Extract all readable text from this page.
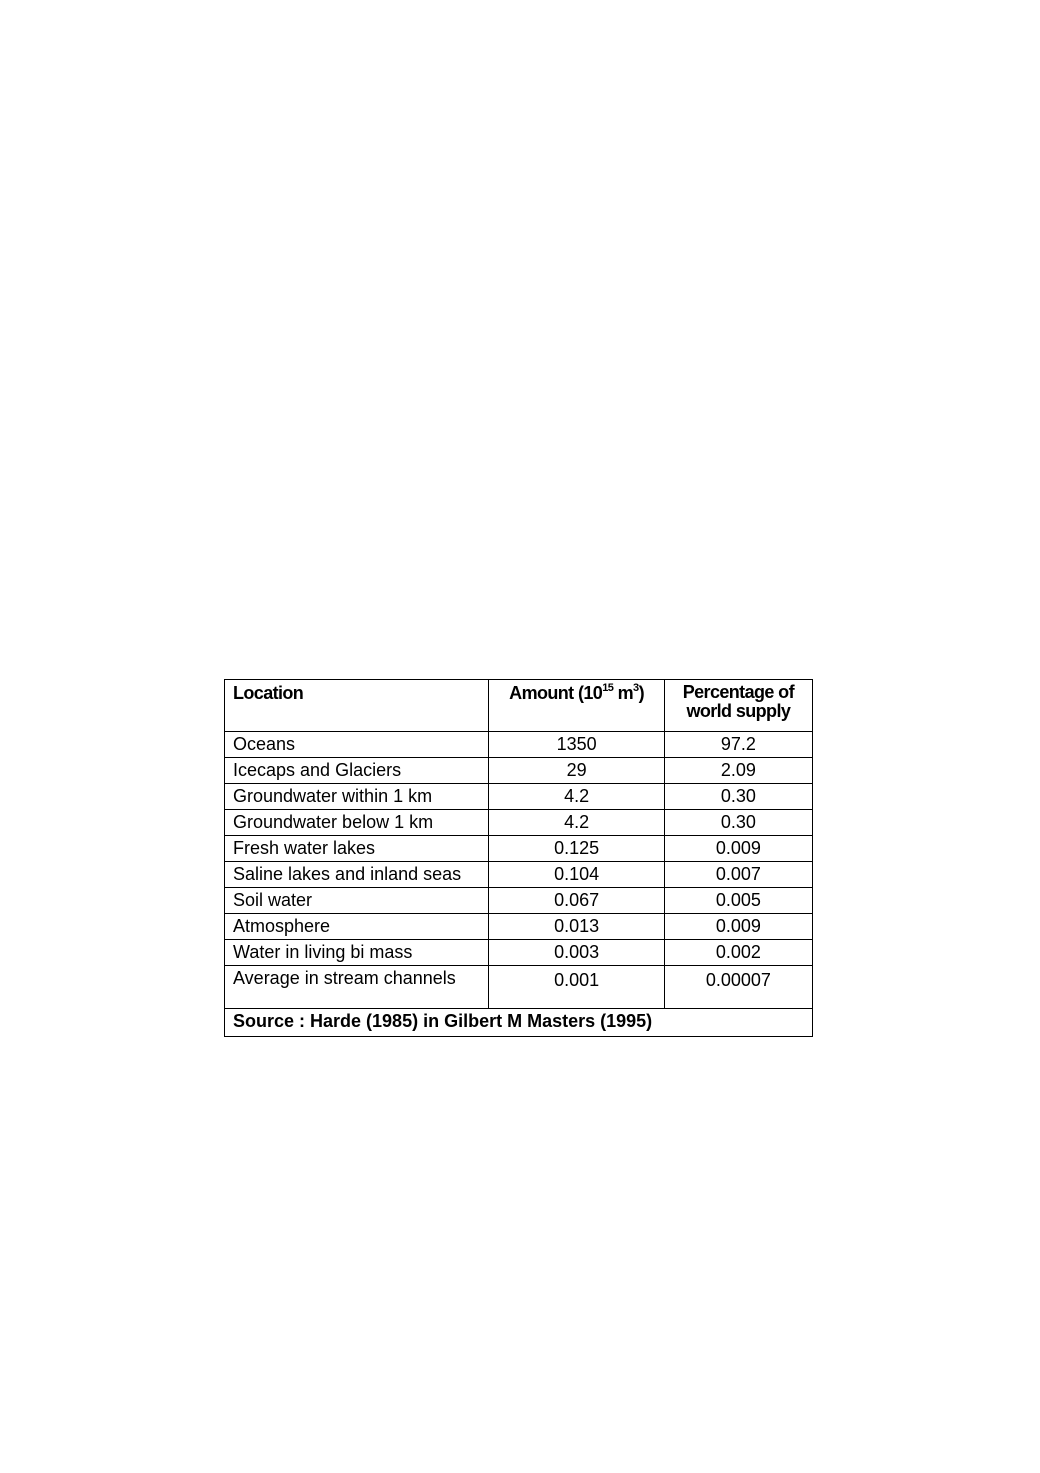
Location	Amount ($10^{15}$ $m^3$)	Percentage of
world supply
Oceans	1350	97.2
Icecaps and Glaciers	29	2.09
Groundwater within 1 km	4.2	0.30
Groundwater below 1 km	4.2	0.30
Fresh water lakes	0.125	0.009
Saline lakes and inland seas	0.104	0.007
Soil water	0.067	0.005
Atmosphere	0.013	0.009
Water in living bi mass	0.003	0.002
Average in stream channels	0.001	0.00007
Source : Harde (1985) in Gilbert M Masters (1995)		
